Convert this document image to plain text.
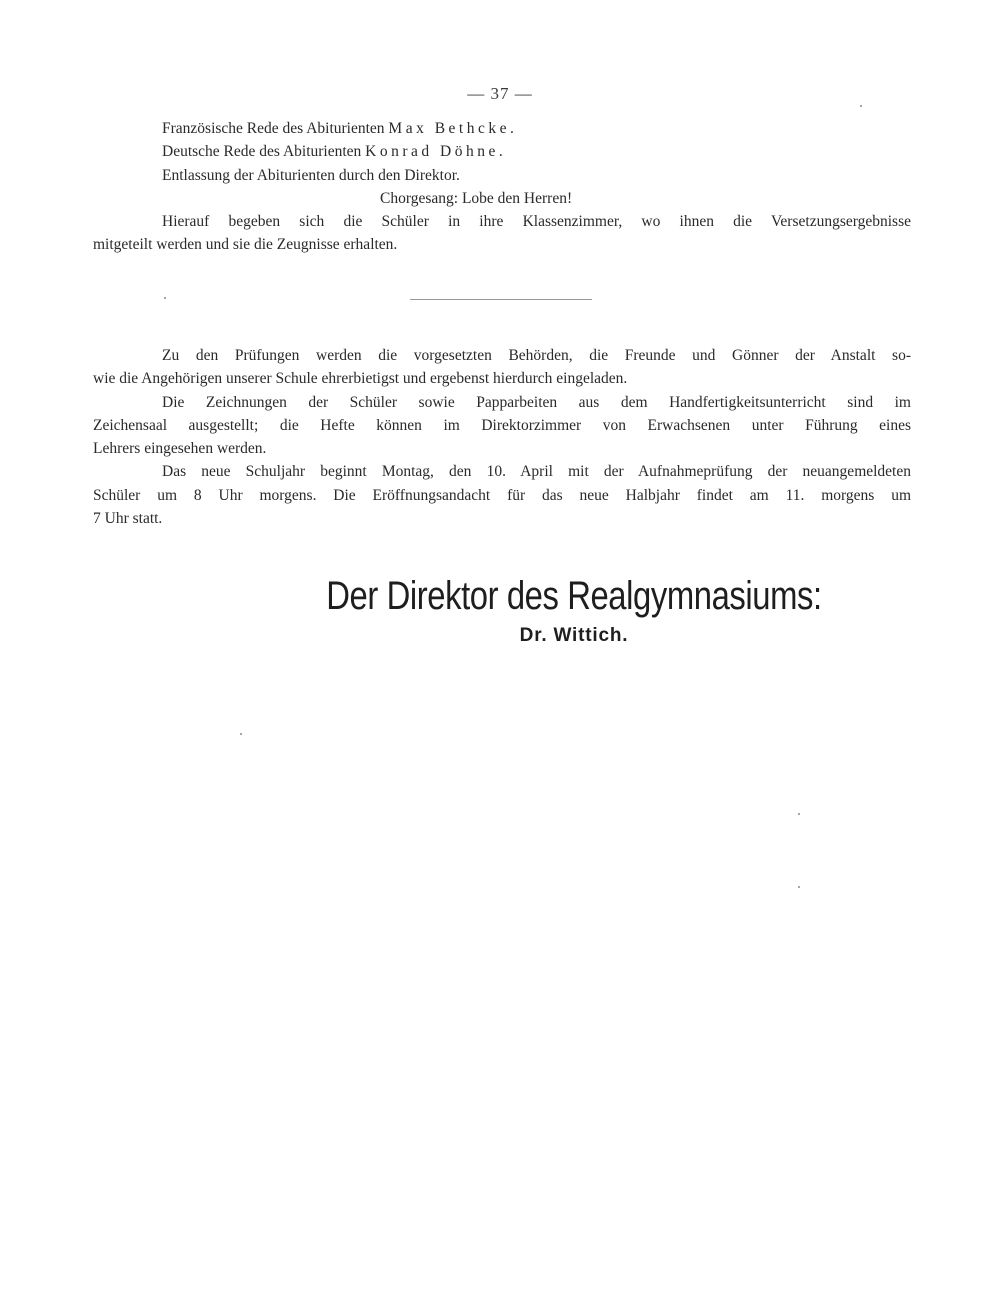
— 37 —
Französische Rede des Abiturienten Max Bethcke.
Deutsche Rede des Abiturienten Konrad Döhne.
Entlassung der Abiturienten durch den Direktor.
Chorgesang: Lobe den Herren!
Hierauf begeben sich die Schüler in ihre Klassenzimmer, wo ihnen die Versetzungsergebnisse
mitgeteilt werden und sie die Zeugnisse erhalten.
Zu den Prüfungen werden die vorgesetzten Behörden, die Freunde und Gönner der Anstalt so-
wie die Angehörigen unserer Schule ehrerbietigst und ergebenst hierdurch eingeladen.
Die Zeichnungen der Schüler sowie Papparbeiten aus dem Handfertigkeitsunterricht sind im
Zeichensaal ausgestellt; die Hefte können im Direktorzimmer von Erwachsenen unter Führung eines
Lehrers eingesehen werden.
Das neue Schuljahr beginnt Montag, den 10. April mit der Aufnahmeprüfung der neuangemeldeten
Schüler um 8 Uhr morgens. Die Eröffnungsandacht für das neue Halbjahr findet am 11. morgens um
7 Uhr statt.
Der Direktor des Realgymnasiums:
Dr. Wittich.
